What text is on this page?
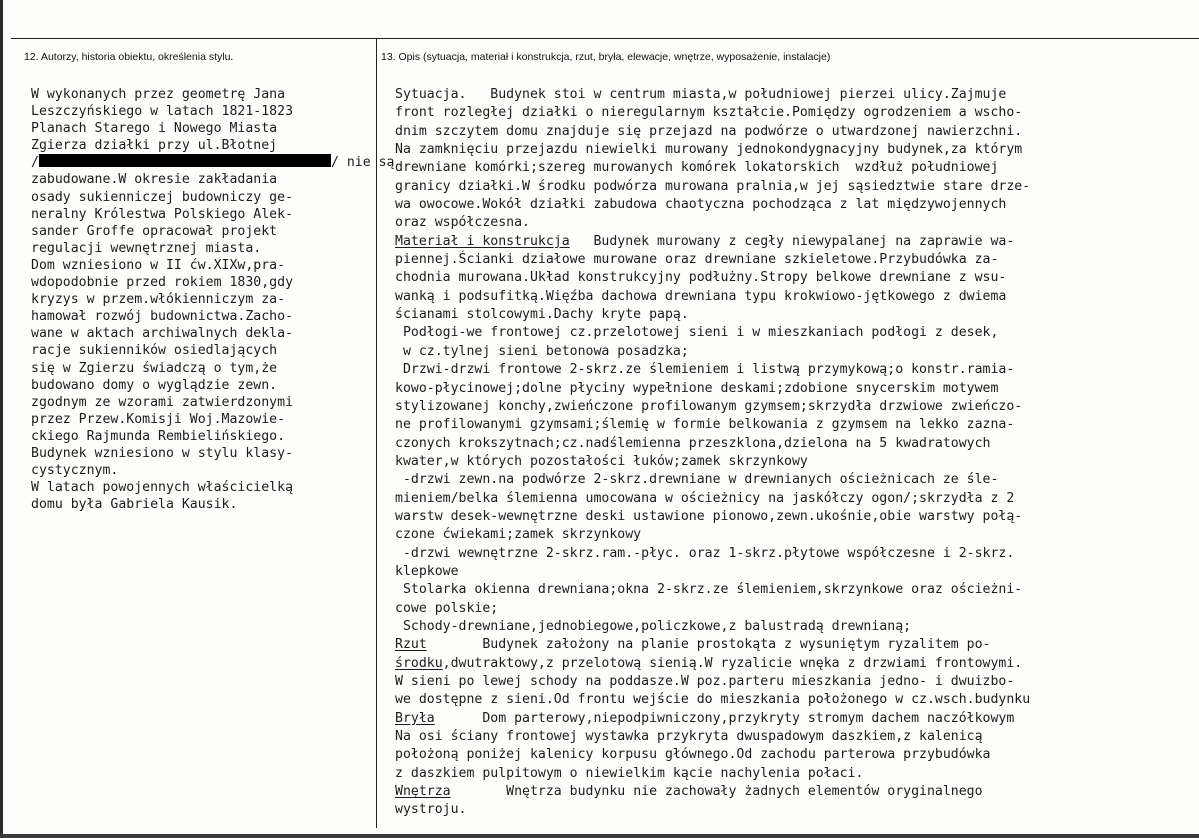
12. Autorzy, historia obiektu, określenia stylu.	13. Opis (sytuacja, materiał i konstrukcja, rzut, bryła, elewacje, wnętrze, wyposażenie, instalacje)
W wykonanych przez geometrę Jana
Leszczyńskiego w latach 1821-1823
Planach Starego i Nowego Miasta
Zgierza działki przy ul.Błotnej
/	/ nie są
zabudowane.W okresie zakładania
osady sukienniczej budowniczy ge-
neralny Królestwa Polskiego Alek-
sander Groffe opracował projekt
regulacji wewnętrznej miasta.
Dom wzniesiono w II ćw.XIXw,pra-
wdopodobnie przed rokiem 1830,gdy
kryzys w przem.włókienniczym za-
hamował rozwój budownictwa.Zacho-
wane w aktach archiwalnych dekla-
racje sukienników osiedlających
się w Zgierzu świadczą o tym,że
budowano domy o wyglądzie zewn.
zgodnym ze wzorami zatwierdzonymi
przez Przew.Komisji Woj.Mazowie-
ckiego Rajmunda Rembielińskiego.
Budynek wzniesiono w stylu klasy-
cystycznym.
W latach powojennych właścicielką
domu była Gabriela Kausik.
Sytuacja.   Budynek stoi w centrum miasta,w południowej pierzei ulicy.Zajmuje
front rozległej działki o nieregularnym kształcie.Pomiędzy ogrodzeniem a wscho-
dnim szczytem domu znajduje się przejazd na podwórze o utwardzonej nawierzchni.
Na zamknięciu przejazdu niewielki murowany jednokondygnacyjny budynek,za którym
drewniane komórki;szereg murowanych komórek lokatorskich  wzdłuż południowej
granicy działki.W środku podwórza murowana pralnia,w jej sąsiedztwie stare drze-
wa owocowe.Wokół działki zabudowa chaotyczna pochodząca z lat międzywojennych
oraz współczesna.
Materiał i konstrukcja   Budynek murowany z cegły niewypalanej na zaprawie wa-
piennej.Ścianki działowe murowane oraz drewniane szkieletowe.Przybudówka za-
chodnia murowana.Układ konstrukcyjny podłużny.Stropy belkowe drewniane z wsu-
wanką i podsufitką.Więźba dachowa drewniana typu krokwiowo-jętkowego z dwiema
ścianami stolcowymi.Dachy kryte papą.
Podłogi-we frontowej cz.przelotowej sieni i w mieszkaniach podłogi z desek,
w cz.tylnej sieni betonowa posadzka;
Drzwi-drzwi frontowe 2-skrz.ze ślemieniem i listwą przymykową;o konstr.ramia-
kowo-płycinowej;dolne płyciny wypełnione deskami;zdobione snycerskim motywem
stylizowanej konchy,zwieńczone profilowanym gzymsem;skrzydła drzwiowe zwieńczo-
ne profilowanymi gzymsami;ślemię w formie belkowania z gzymsem na lekko zazna-
czonych krokszytnach;cz.nadślemienna przeszklona,dzielona na 5 kwadratowych
kwater,w których pozostałości łuków;zamek skrzynkowy
-drzwi zewn.na podwórze 2-skrz.drewniane w drewnianych ościeżnicach ze śle-
mieniem/belka ślemienna umocowana w ościeżnicy na jaskółczy ogon/;skrzydła z 2
warstw desek-wewnętrzne deski ustawione pionowo,zewn.ukośnie,obie warstwy połą-
czone ćwiekami;zamek skrzynkowy
-drzwi wewnętrzne 2-skrz.ram.-płyc. oraz 1-skrz.płytowe współczesne i 2-skrz.
klepkowe
Stolarka okienna drewniana;okna 2-skrz.ze ślemieniem,skrzynkowe oraz ościeżni-
cowe polskie;
Schody-drewniane,jednobiegowe,policzkowe,z balustradą drewnianą;
Rzut       Budynek założony na planie prostokąta z wysuniętym ryzalitem po-
środku,dwutraktowy,z przelotową sienią.W ryzalicie wnęka z drzwiami frontowymi.
W sieni po lewej schody na poddasze.W poz.parteru mieszkania jedno- i dwuizbo-
we dostępne z sieni.Od frontu wejście do mieszkania położonego w cz.wsch.budynku
Bryła      Dom parterowy,niepodpiwniczony,przykryty stromym dachem naczółkowym
Na osi ściany frontowej wystawka przykryta dwuspadowym daszkiem,z kalenicą
położoną poniżej kalenicy korpusu głównego.Od zachodu parterowa przybudówka
z daszkiem pulpitowym o niewielkim kącie nachylenia połaci.
Wnętrza       Wnętrza budynku nie zachowały żadnych elementów oryginalnego
wystroju.
